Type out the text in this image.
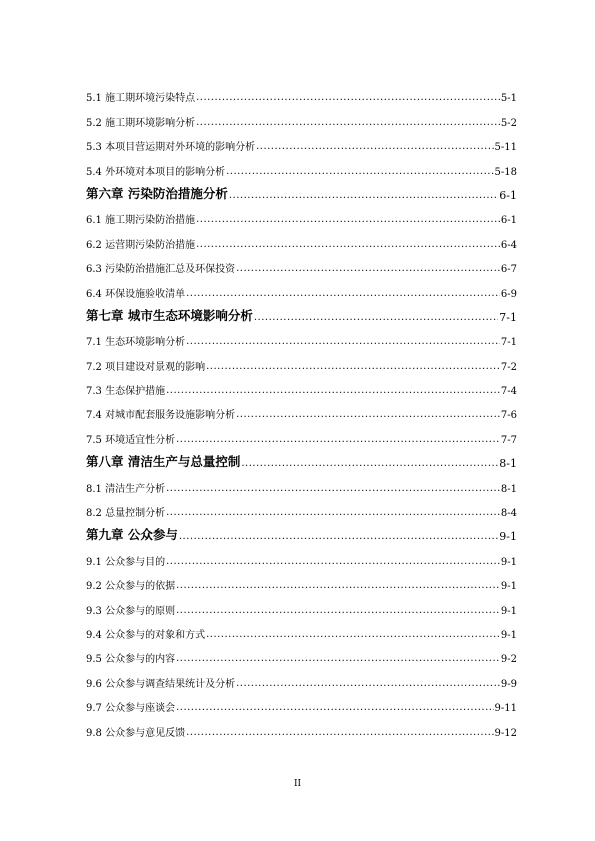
5.1 施工期环境污染特点 .....	5-1
5.2 施工期环境影响分析 .....	5-2
5.3 本项目营运期对外环境的影响分析 .....	5-11
5.4 外环境对本项目的影响分析 .....	5-18
第六章 污染防治措施分析 .....	6-1
6.1 施工期污染防治措施 .....	6-1
6.2 运营期污染防治措施 .....	6-4
6.3 污染防治措施汇总及环保投资 .....	6-7
6.4 环保设施验收清单 .....	6-9
第七章 城市生态环境影响分析 .....	7-1
7.1 生态环境影响分析 .....	7-1
7.2 项目建设对景观的影响 .....	7-2
7.3 生态保护措施 .....	7-4
7.4 对城市配套服务设施影响分析 .....	7-6
7.5 环境适宜性分析 .....	7-7
第八章 清洁生产与总量控制 .....	8-1
8.1 清洁生产分析 .....	8-1
8.2 总量控制分析 .....	8-4
第九章 公众参与 .....	9-1
9.1 公众参与目的 .....	9-1
9.2 公众参与的依据 .....	9-1
9.3 公众参与的原则 .....	9-1
9.4 公众参与的对象和方式 .....	9-1
9.5 公众参与的内容 .....	9-2
9.6 公众参与调查结果统计及分析 .....	9-9
9.7 公众参与座谈会 .....	9-11
9.8 公众参与意见反馈 .....	9-12
II
